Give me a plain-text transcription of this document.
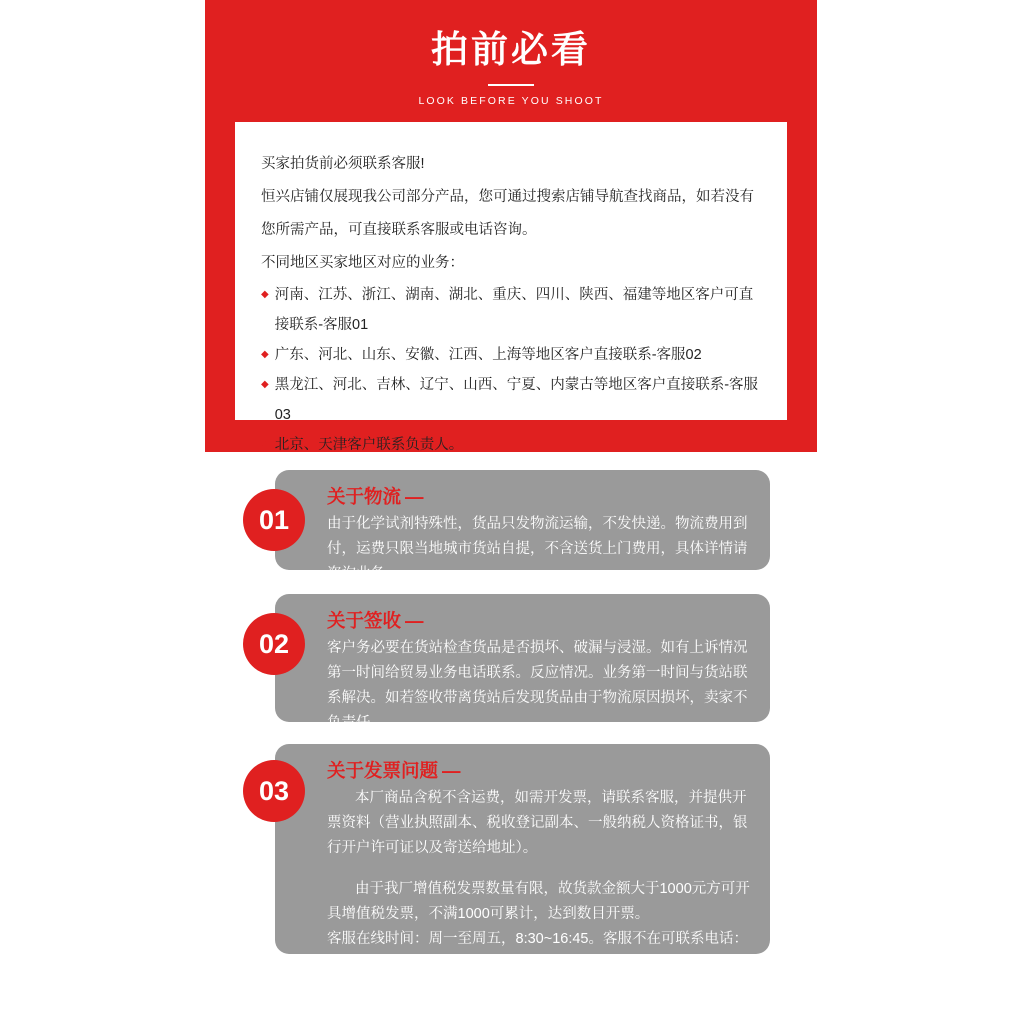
拍前必看
LOOK BEFORE YOU SHOOT
买家拍货前必须联系客服!
恒兴店铺仅展现我公司部分产品，您可通过搜索店铺导航查找商品，如若没有您所需产品，可直接联系客服或电话咨询。
不同地区买家地区对应的业务：
◆ 河南、江苏、浙江、湖南、湖北、重庆、四川、陕西、福建等地区客户可直接联系-客服01
◆ 广东、河北、山东、安徽、江西、上海等地区客户直接联系-客服02
◆ 黑龙江、河北、吉林、辽宁、山西、宁夏、内蒙古等地区客户直接联系-客服03
◆ 北京、天津客户联系负责人。
关于物流 —
由于化学试剂特殊性，货品只发物流运输，不发快递。物流费用到付，运费只限当地城市货站自提，不含送货上门费用，具体详情请咨询业务。
01
关于签收 —
客户务必要在货站检查货品是否损坏、破漏与浸湿。如有上诉情况第一时间给贸易业务电话联系。反应情况。业务第一时间与货站联系解决。如若签收带离货站后发现货品由于物流原因损坏，卖家不负责任。
02
关于发票问题 —
本厂商品含税不含运费，如需开发票，请联系客服，并提供开票资料（营业执照副本、税收登记副本、一般纳税人资格证书，银行开户许可证以及寄送给地址）。
由于我厂增值税发票数量有限，故货款金额大于1000元方可开具增值税发票，不满1000可累计，达到数目开票。
客服在线时间：周一至周五，8:30~16:45。客服不在可联系电话：
158-2223-3318
说明：本站所有货物均为含税不含运费价格，如需开票请联系客服。
03
